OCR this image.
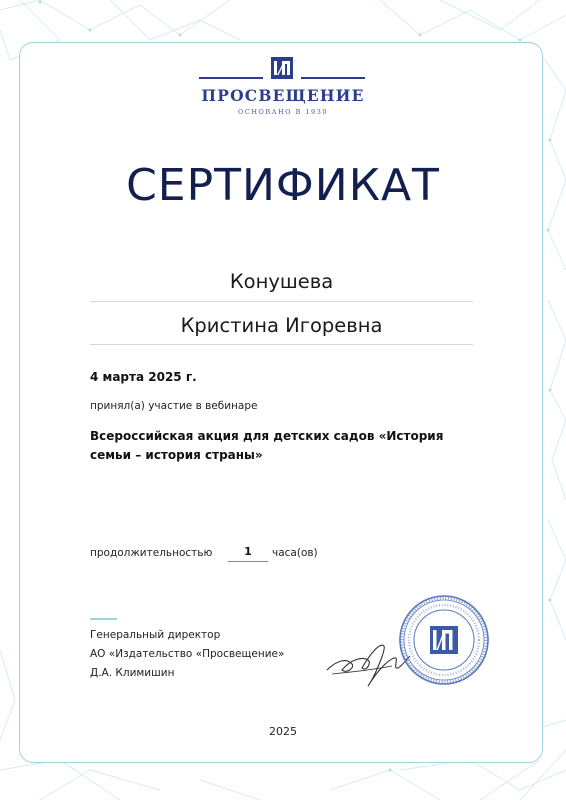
ПРОСВЕЩЕНИЕ
ОСНОВАНО В 1930
СЕРТИФИКАТ
Конушева
Кристина Игоревна
4 марта 2025 г.
принял(а) участие в вебинаре
Всероссийская акция для детских садов «История семьи – история страны»
продолжительностью	1	часа(ов)
Генеральный директор
АО «Издательство «Просвещение»
Д.А. Климишин
2025
